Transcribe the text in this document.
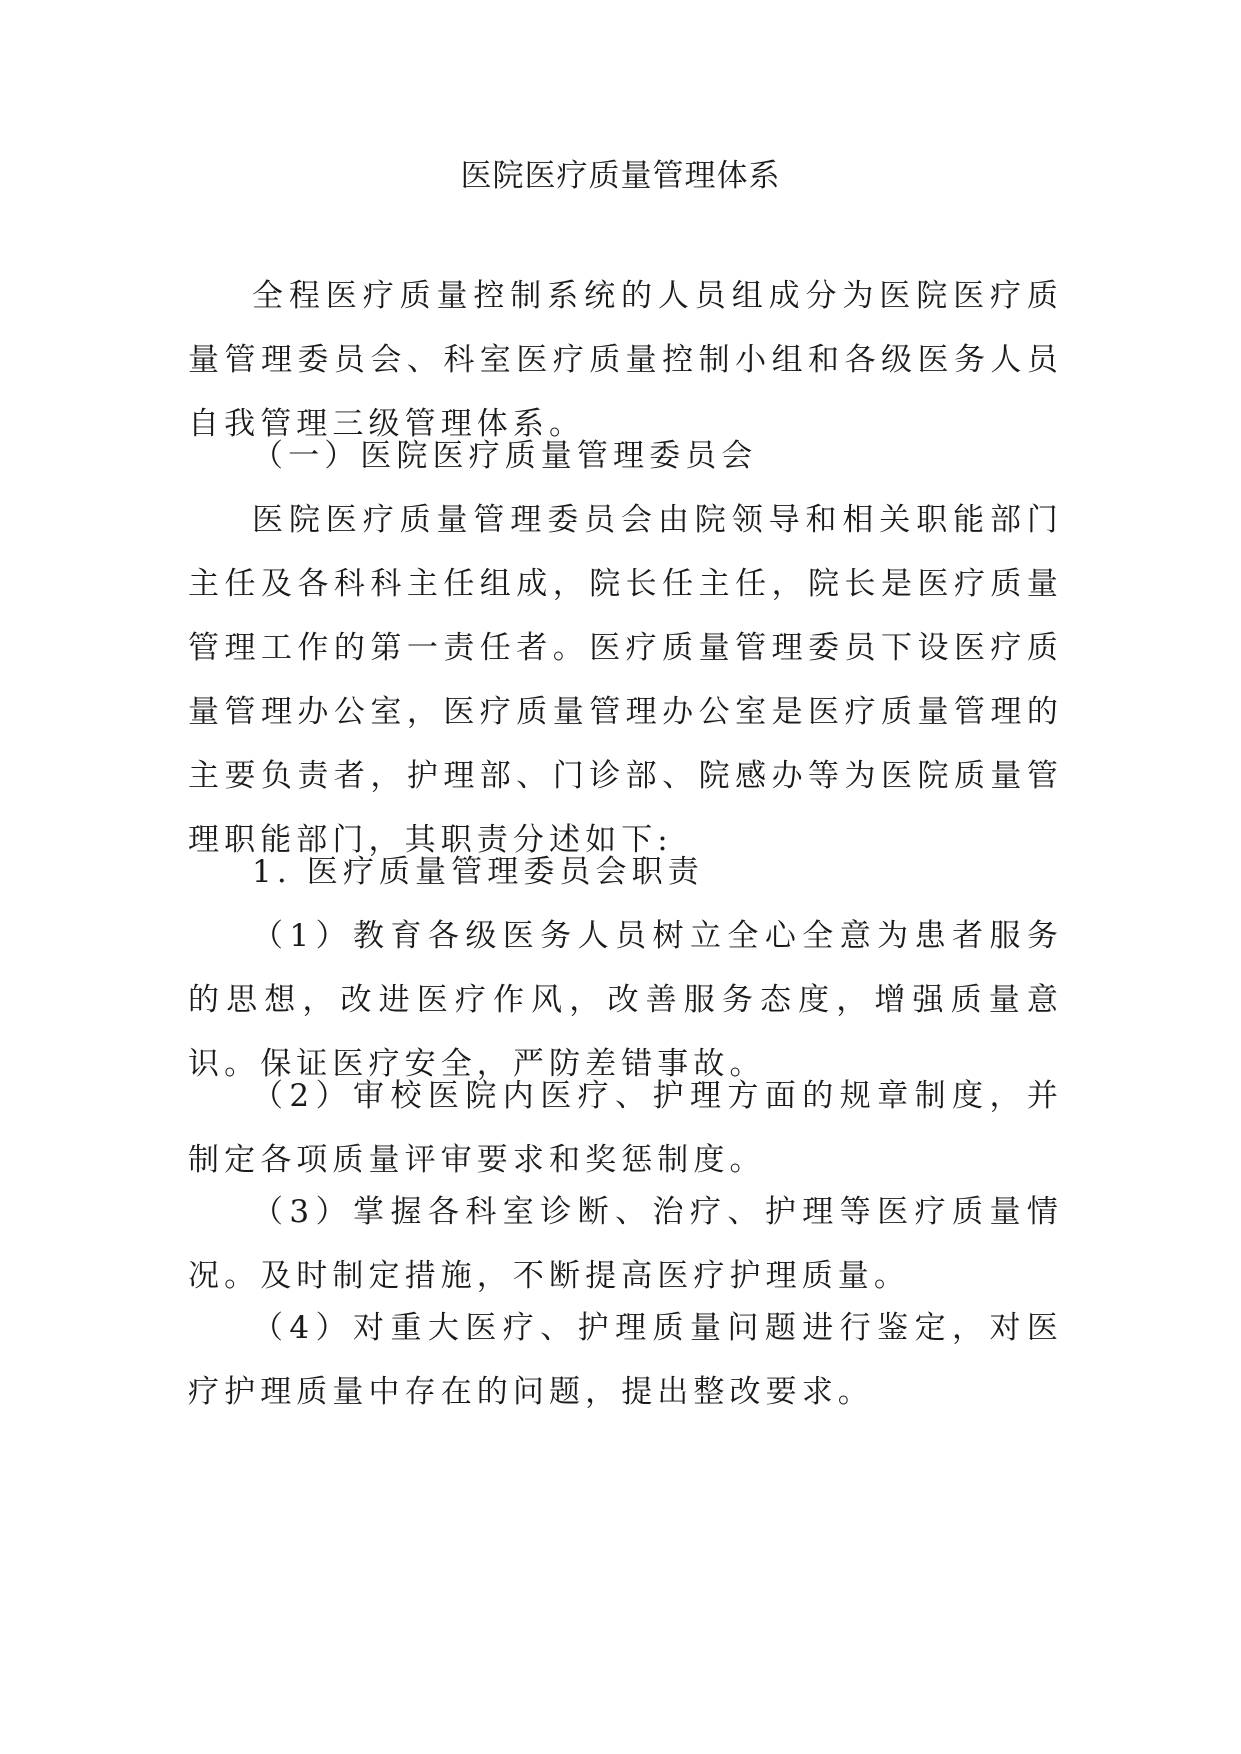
医院医疗质量管理体系

全程医疗质量控制系统的人员组成分为医院医疗质量管理委员会、科室医疗质量控制小组和各级医务人员自我管理三级管理体系。

（一）医院医疗质量管理委员会

医院医疗质量管理委员会由院领导和相关职能部门主任及各科科主任组成，院长任主任，院长是医疗质量管理工作的第一责任者。医疗质量管理委员下设医疗质量管理办公室，医疗质量管理办公室是医疗质量管理的主要负责者，护理部、门诊部、院感办等为医院质量管理职能部门，其职责分述如下:

1. 医疗质量管理委员会职责

（1）教育各级医务人员树立全心全意为患者服务的思想，改进医疗作风，改善服务态度，增强质量意识。保证医疗安全，严防差错事故。

（2）审校医院内医疗、护理方面的规章制度，并制定各项质量评审要求和奖惩制度。

（3）掌握各科室诊断、治疗、护理等医疗质量情况。及时制定措施，不断提高医疗护理质量。

（4）对重大医疗、护理质量问题进行鉴定，对医疗护理质量中存在的问题，提出整改要求。
